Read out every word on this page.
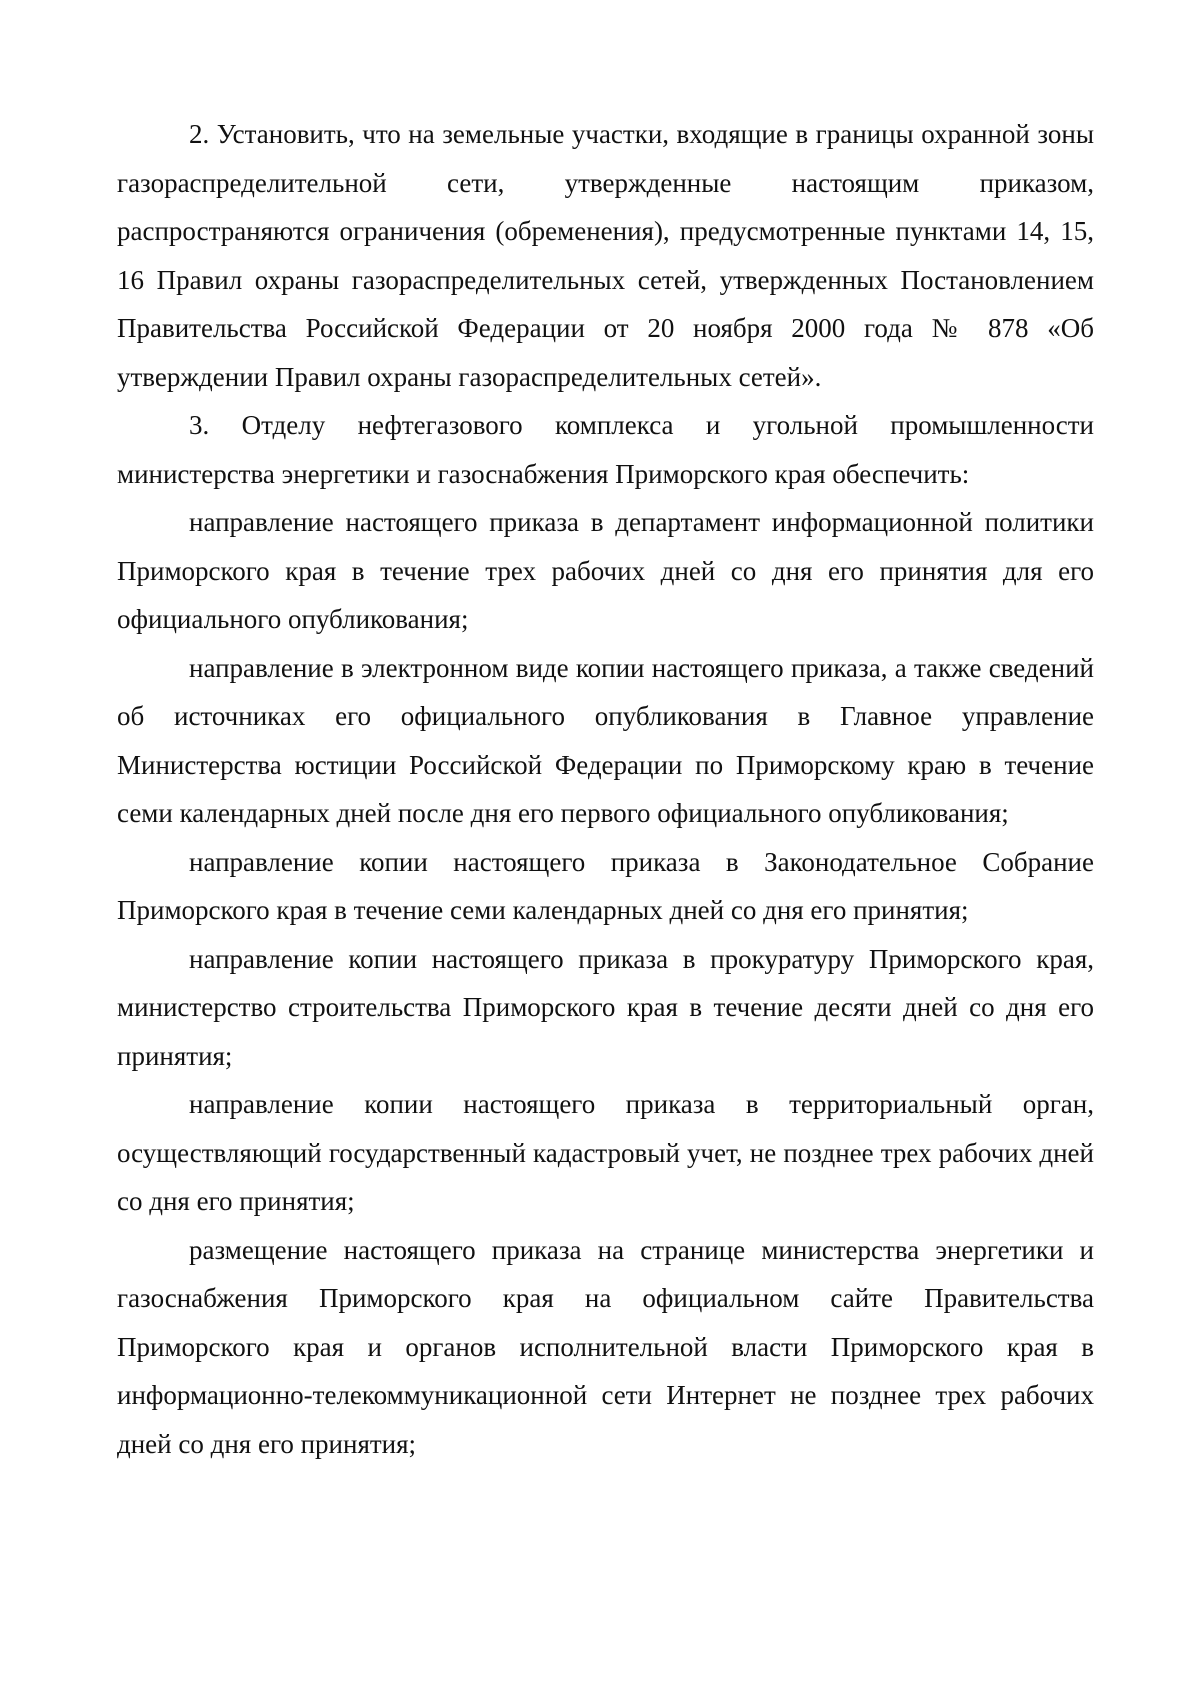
2. Установить, что на земельные участки, входящие в границы охранной зоны газораспределительной сети, утвержденные настоящим приказом, распространяются ограничения (обременения), предусмотренные пунктами 14, 15, 16 Правил охраны газораспределительных сетей, утвержденных Постановлением Правительства Российской Федерации от 20 ноября 2000 года № 878 «Об утверждении Правил охраны газораспределительных сетей».

3. Отделу нефтегазового комплекса и угольной промышленности министерства энергетики и газоснабжения Приморского края обеспечить:

направление настоящего приказа в департамент информационной политики Приморского края в течение трех рабочих дней со дня его принятия для его официального опубликования;

направление в электронном виде копии настоящего приказа, а также сведений об источниках его официального опубликования в Главное управление Министерства юстиции Российской Федерации по Приморскому краю в течение семи календарных дней после дня его первого официального опубликования;

направление копии настоящего приказа в Законодательное Собрание Приморского края в течение семи календарных дней со дня его принятия;

направление копии настоящего приказа в прокуратуру Приморского края, министерство строительства Приморского края в течение десяти дней со дня его принятия;

направление копии настоящего приказа в территориальный орган, осуществляющий государственный кадастровый учет, не позднее трех рабочих дней со дня его принятия;

размещение настоящего приказа на странице министерства энергетики и газоснабжения Приморского края на официальном сайте Правительства Приморского края и органов исполнительной власти Приморского края в информационно-телекоммуникационной сети Интернет не позднее трех рабочих дней со дня его принятия;
